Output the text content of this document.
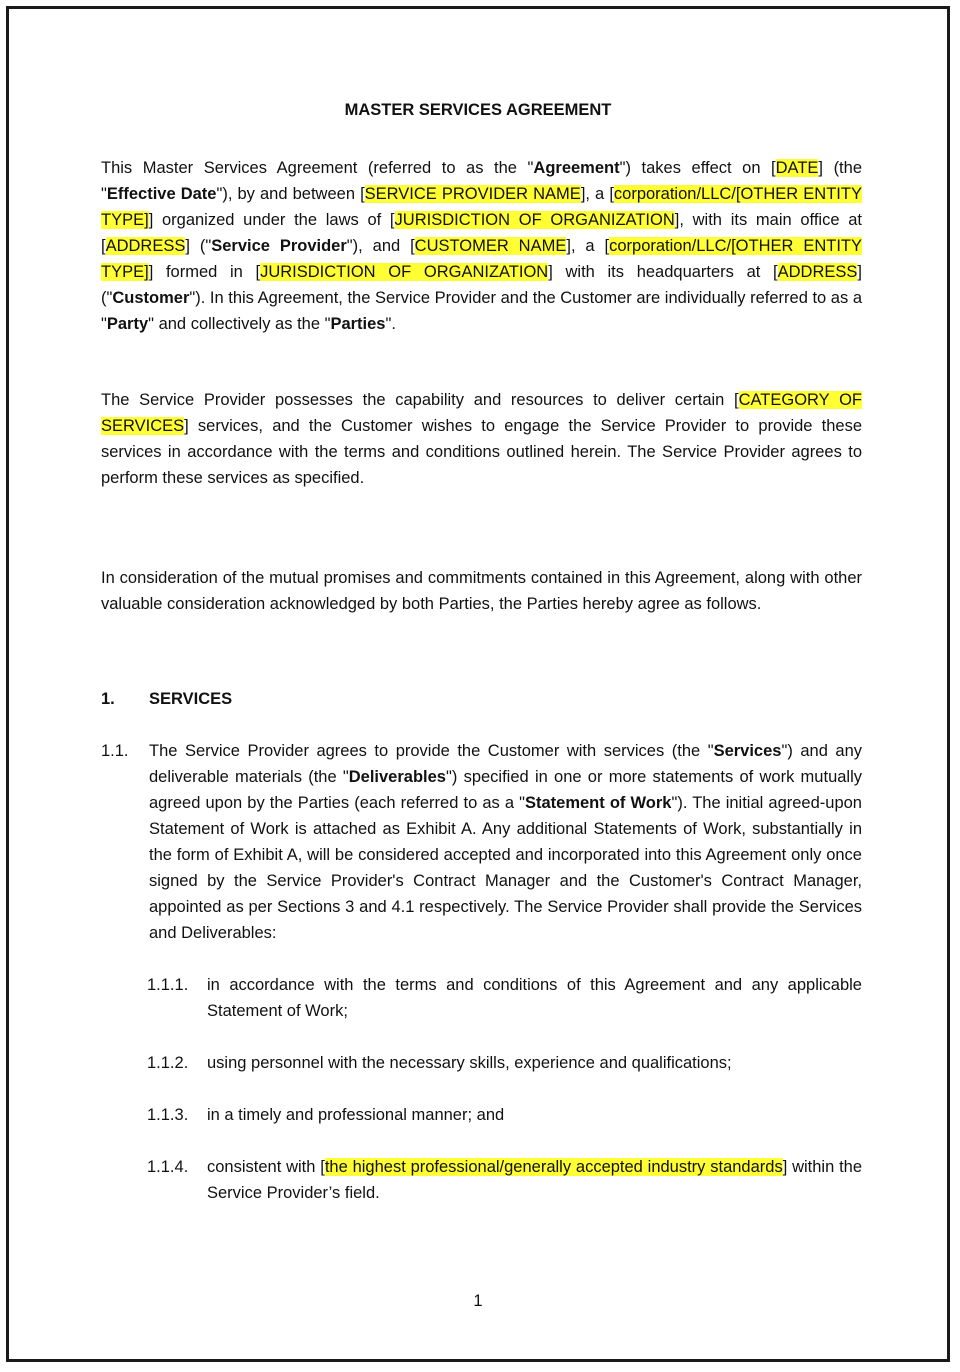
MASTER SERVICES AGREEMENT
This Master Services Agreement (referred to as the "Agreement") takes effect on [DATE] (the "Effective Date"), by and between [SERVICE PROVIDER NAME], a [corporation/LLC/[OTHER ENTITY TYPE]] organized under the laws of [JURISDICTION OF ORGANIZATION], with its main office at [ADDRESS] ("Service Provider"), and [CUSTOMER NAME], a [corporation/LLC/[OTHER ENTITY TYPE]] formed in [JURISDICTION OF ORGANIZATION] with its headquarters at [ADDRESS] ("Customer"). In this Agreement, the Service Provider and the Customer are individually referred to as a "Party" and collectively as the "Parties".
The Service Provider possesses the capability and resources to deliver certain [CATEGORY OF SERVICES] services, and the Customer wishes to engage the Service Provider to provide these services in accordance with the terms and conditions outlined herein. The Service Provider agrees to perform these services as specified.
In consideration of the mutual promises and commitments contained in this Agreement, along with other valuable consideration acknowledged by both Parties, the Parties hereby agree as follows.
1. SERVICES
1.1. The Service Provider agrees to provide the Customer with services (the "Services") and any deliverable materials (the "Deliverables") specified in one or more statements of work mutually agreed upon by the Parties (each referred to as a "Statement of Work"). The initial agreed-upon Statement of Work is attached as Exhibit A. Any additional Statements of Work, substantially in the form of Exhibit A, will be considered accepted and incorporated into this Agreement only once signed by the Service Provider's Contract Manager and the Customer's Contract Manager, appointed as per Sections 3 and 4.1 respectively. The Service Provider shall provide the Services and Deliverables:
1.1.1. in accordance with the terms and conditions of this Agreement and any applicable Statement of Work;
1.1.2. using personnel with the necessary skills, experience and qualifications;
1.1.3. in a timely and professional manner; and
1.1.4. consistent with [the highest professional/generally accepted industry standards] within the Service Provider’s field.
1
